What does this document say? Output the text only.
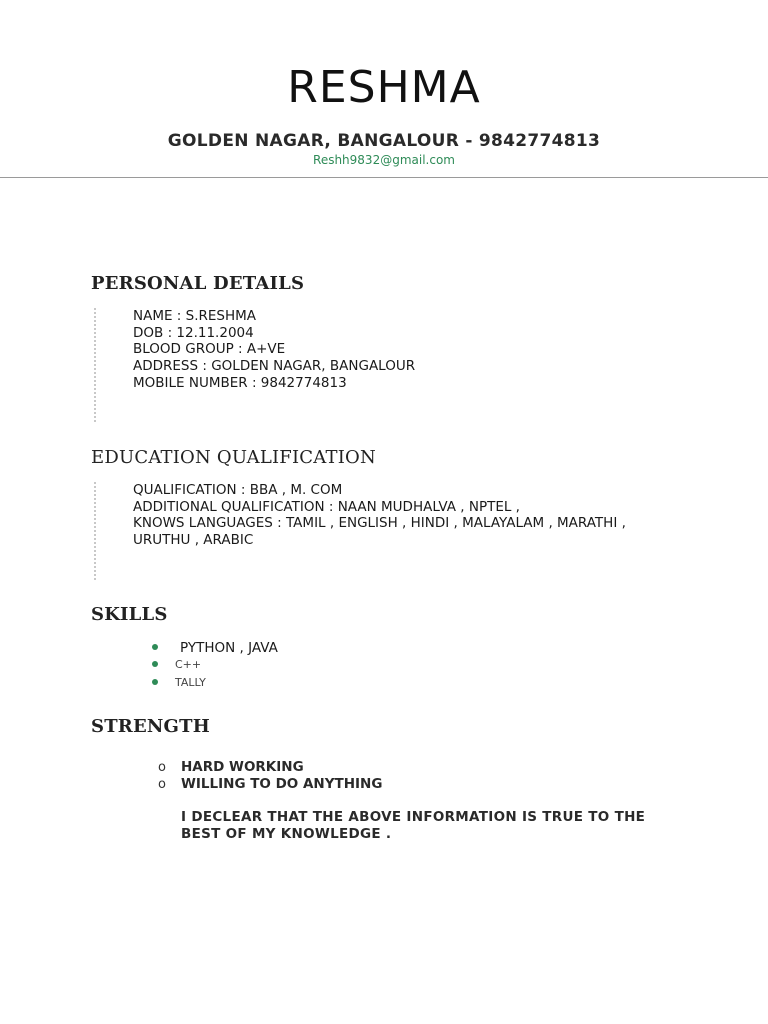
RESHMA
GOLDEN NAGAR, BANGALOUR - 9842774813
Reshh9832@gmail.com
PERSONAL DETAILS
NAME : S.RESHMA
DOB : 12.11.2004
BLOOD GROUP : A+VE
ADDRESS : GOLDEN NAGAR, BANGALOUR
MOBILE NUMBER : 9842774813
EDUCATION QUALIFICATION
QUALIFICATION : BBA , M. COM
ADDITIONAL QUALIFICATION : NAAN MUDHALVA , NPTEL ,
KNOWS LANGUAGES : TAMIL , ENGLISH , HINDI , MALAYALAM , MARATHI ,
URUTHU , ARABIC
SKILLS
PYTHON , JAVA
C++
TALLY
STRENGTH
o HARD WORKING
o WILLING TO DO ANYTHING
I DECLEAR THAT THE ABOVE INFORMATION IS TRUE TO THE BEST OF MY KNOWLEDGE .
